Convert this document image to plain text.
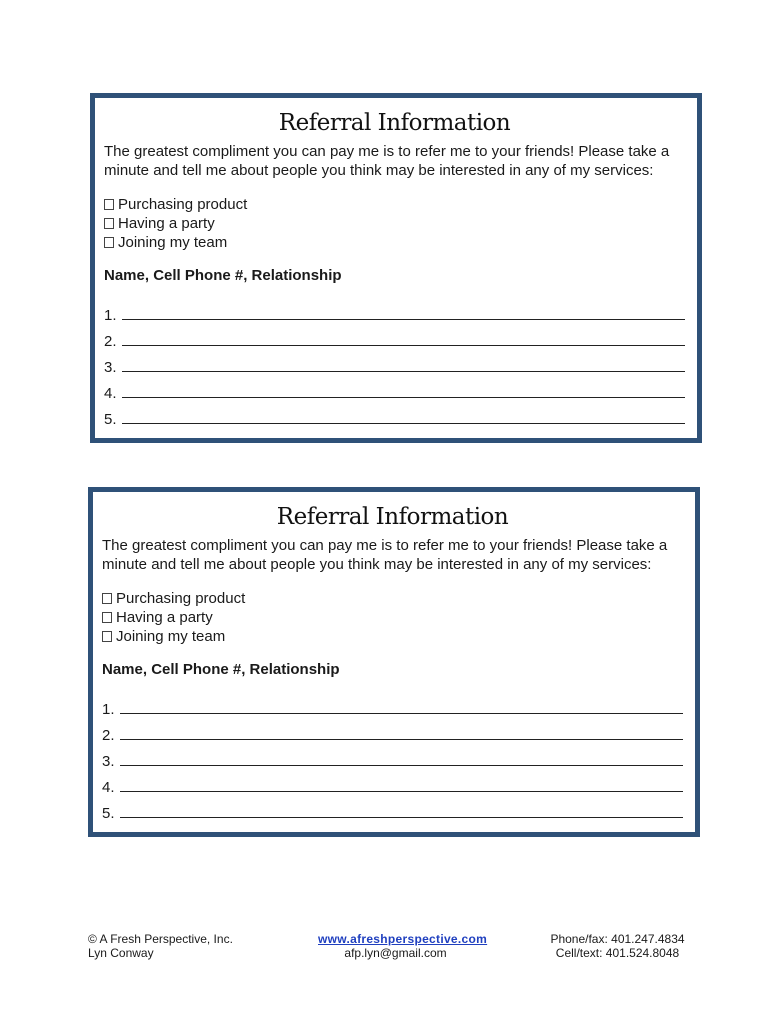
Referral Information
The greatest compliment you can pay me is to refer me to your friends! Please take a minute and tell me about people you think may be interested in any of my services:
Purchasing product
Having a party
Joining my team
Name, Cell Phone #, Relationship
1.
2.
3.
4.
5.
Referral Information
The greatest compliment you can pay me is to refer me to your friends! Please take a minute and tell me about people you think may be interested in any of my services:
Purchasing product
Having a party
Joining my team
Name, Cell Phone #, Relationship
1.
2.
3.
4.
5.
© A Fresh Perspective, Inc.
Lyn Conway
www.afreshperspective.com
afp.lyn@gmail.com
Phone/fax: 401.247.4834
Cell/text: 401.524.8048
